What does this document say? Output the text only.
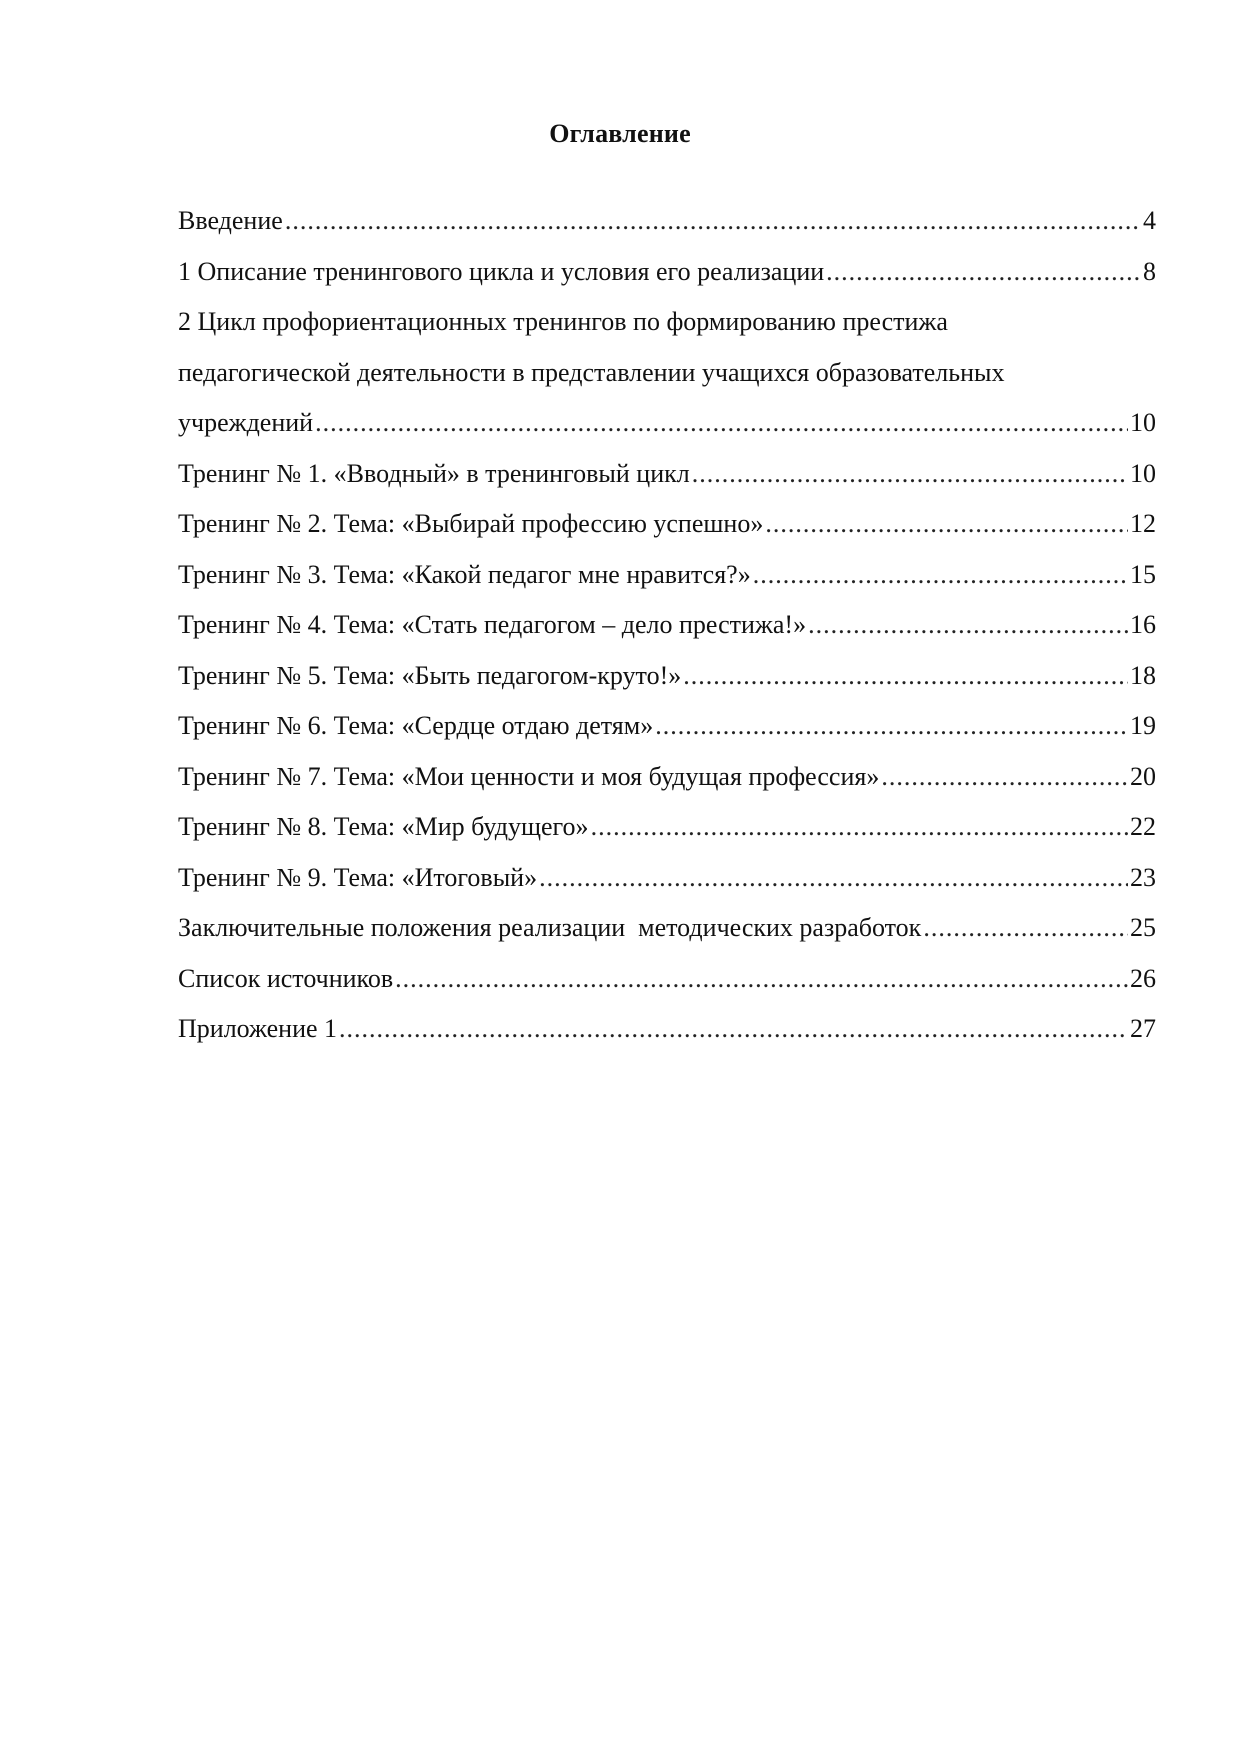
Оглавление
Введение .....	4
1 Описание тренингового цикла и условия его реализации .....	8
2 Цикл профориентационных тренингов по формированию престижа
педагогической деятельности в представлении учащихся образовательных
учреждений .....	10
Тренинг № 1. «Вводный» в тренинговый цикл .....	10
Тренинг № 2. Тема: «Выбирай профессию успешно» .....	12
Тренинг № 3. Тема: «Какой педагог мне нравится?» .....	15
Тренинг № 4. Тема: «Стать педагогом – дело престижа!» .....	16
Тренинг № 5. Тема: «Быть педагогом-круто!» .....	18
Тренинг № 6. Тема: «Сердце отдаю детям» .....	19
Тренинг № 7. Тема: «Мои ценности и моя будущая профессия» .....	20
Тренинг № 8. Тема: «Мир будущего» .....	22
Тренинг № 9. Тема: «Итоговый» .....	23
Заключительные положения реализации  методических разработок .....	25
Список источников .....	26
Приложение 1 .....	27
